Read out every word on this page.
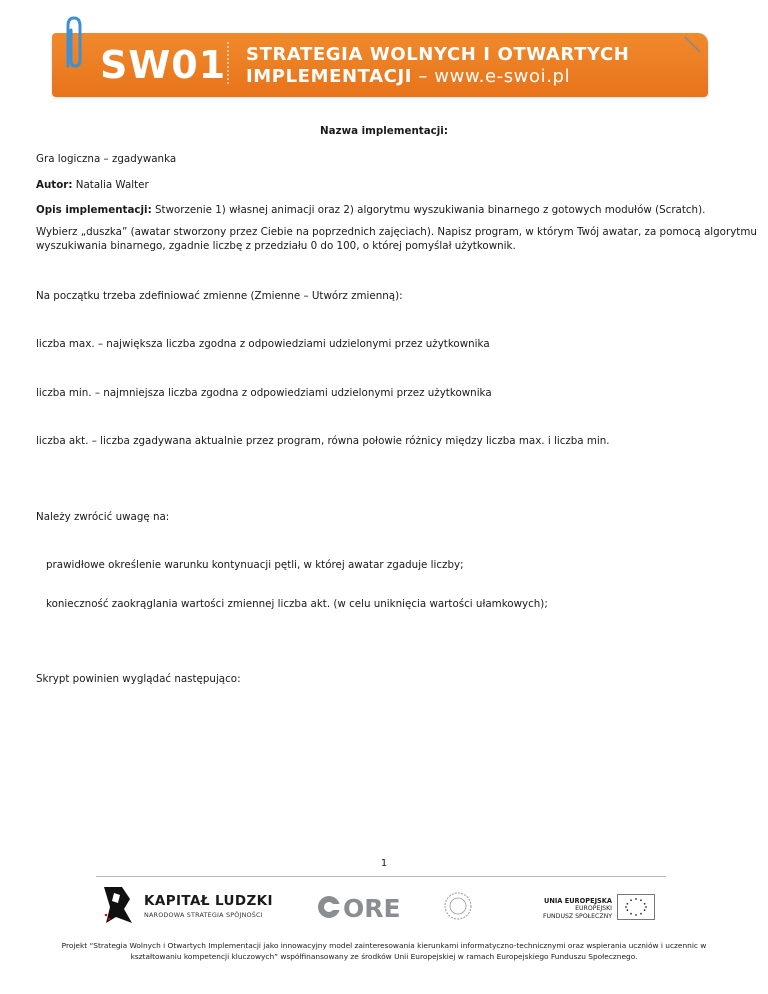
SW01 STRATEGIA WOLNYCH I OTWARTYCH
IMPLEMENTACJI – www.e-swoi.pl
Nazwa implementacji:
Gra logiczna – zgadywanka
Autor: Natalia Walter
Opis implementacji: Stworzenie 1) własnej animacji oraz 2) algorytmu wyszukiwania binarnego z gotowych modułów (Scratch).
Wybierz „duszka” (awatar stworzony przez Ciebie na poprzednich zajęciach). Napisz program, w którym Twój awatar, za pomocą algorytmu
wyszukiwania binarnego, zgadnie liczbę z przedziału 0 do 100, o której pomyślał użytkownik.
Na początku trzeba zdefiniować zmienne (Zmienne – Utwórz zmienną):
liczba max. – największa liczba zgodna z odpowiedziami udzielonymi przez użytkownika
liczba min. – najmniejsza liczba zgodna z odpowiedziami udzielonymi przez użytkownika
liczba akt. – liczba zgadywana aktualnie przez program, równa połowie różnicy między liczba max. i liczba min.
Należy zwrócić uwagę na:
prawidłowe określenie warunku kontynuacji pętli, w której awatar zgaduje liczby;
konieczność zaokrąglania wartości zmiennej liczba akt. (w celu uniknięcia wartości ułamkowych);
Skrypt powinien wyglądać następująco:
1
KAPITAŁ LUDZKI
NARODOWA STRATEGIA SPÓJNOŚCI	ORE	UNIA EUROPEJSKA
EUROPEJSKI
FUNDUSZ SPOŁECZNY
Projekt “Strategia Wolnych i Otwartych Implementacji jako innowacyjny model zainteresowania kierunkami informatyczno-technicznymi oraz wspierania uczniów i uczennic w
kształtowaniu kompetencji kluczowych” współfinansowany ze środków Unii Europejskiej w ramach Europejskiego Funduszu Społecznego.
